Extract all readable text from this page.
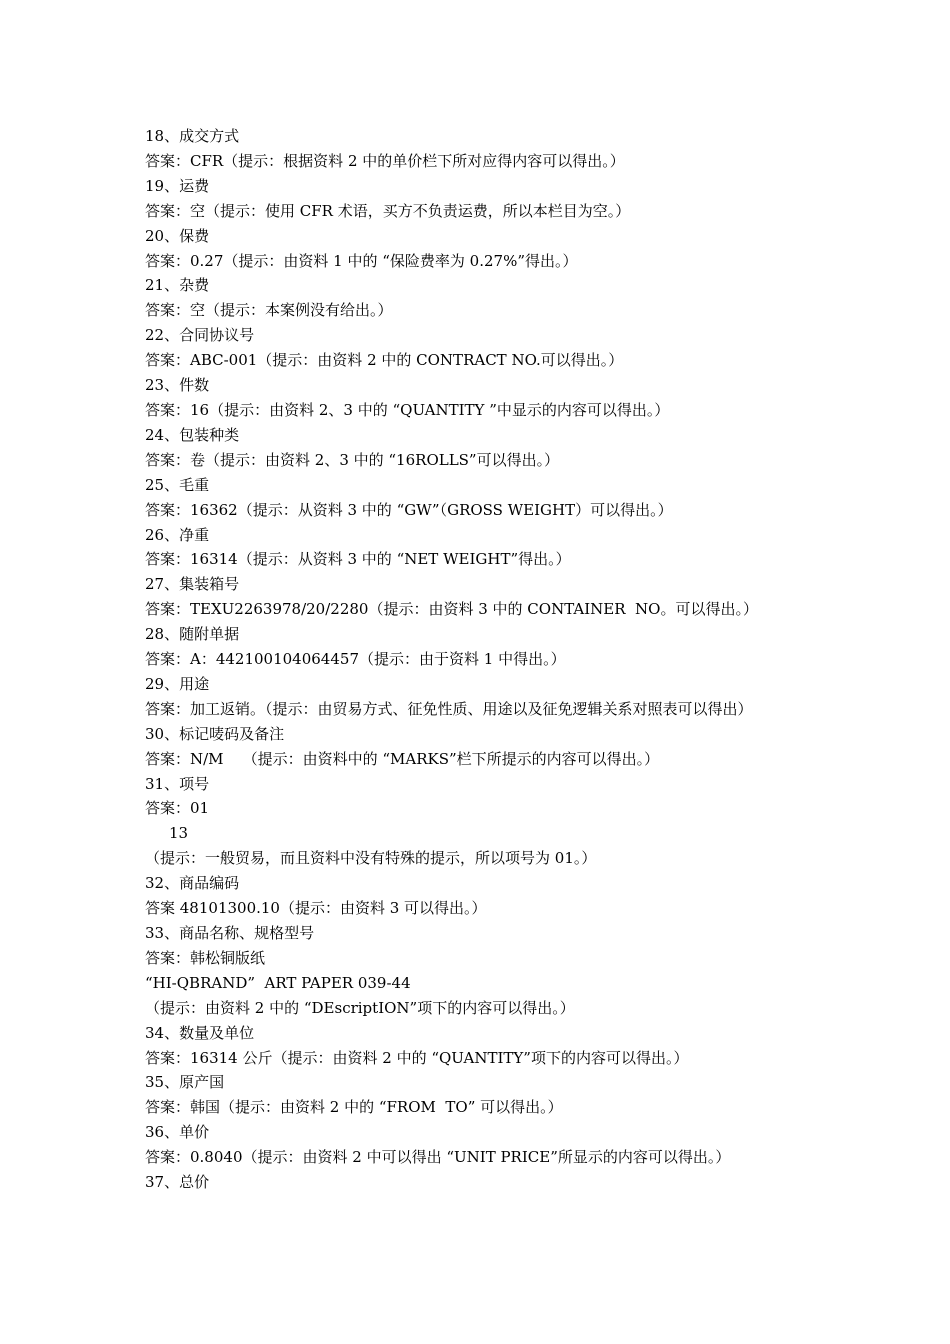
18、成交方式

答案：CFR（提示：根据资料 2 中的单价栏下所对应得内容可以得出。）

19、运费

答案：空（提示：使用 CFR 术语，买方不负责运费，所以本栏目为空。）

20、保费

答案：0.27（提示：由资料 1 中的 “保险费率为 0.27%”得出。）

21、杂费

答案：空（提示：本案例没有给出。）

22、合同协议号

答案：ABC-001（提示：由资料 2 中的 CONTRACT NO.可以得出。）

23、件数

答案：16（提示：由资料 2、3 中的 “QUANTITY ”中显示的内容可以得出。）

24、包装种类

答案：卷（提示：由资料 2、3 中的 “16ROLLS”可以得出。）

25、毛重

答案：16362（提示：从资料 3 中的 “GW”（GROSS WEIGHT）可以得出。）

26、净重

答案：16314（提示：从资料 3 中的 “NET WEIGHT”得出。）

27、集装箱号

答案：TEXU2263978/20/2280（提示：由资料 3 中的 CONTAINER  NO。可以得出。）

28、随附单据

答案：A：442100104064457（提示：由于资料 1 中得出。）

29、用途

答案：加工返销。（提示：由贸易方式、征免性质、用途以及征免逻辑关系对照表可以得出）

30、标记唛码及备注

答案：N/M    （提示：由资料中的 “MARKS”栏下所提示的内容可以得出。）

31、项号

答案：01

13

（提示：一般贸易，而且资料中没有特殊的提示，所以项号为 01。）

32、商品编码

答案 48101300.10（提示：由资料 3 可以得出。）

33、商品名称、规格型号

答案：韩松铜版纸

“HI-QBRAND”  ART PAPER 039-44

（提示：由资料 2 中的 “DEscriptION”项下的内容可以得出。）

34、数量及单位

答案：16314 公斤（提示：由资料 2 中的 “QUANTITY”项下的内容可以得出。）

35、原产国

答案：韩国（提示：由资料 2 中的 “FROM  TO” 可以得出。）

36、单价

答案：0.8040（提示：由资料 2 中可以得出 “UNIT PRICE”所显示的内容可以得出。）

37、总价
